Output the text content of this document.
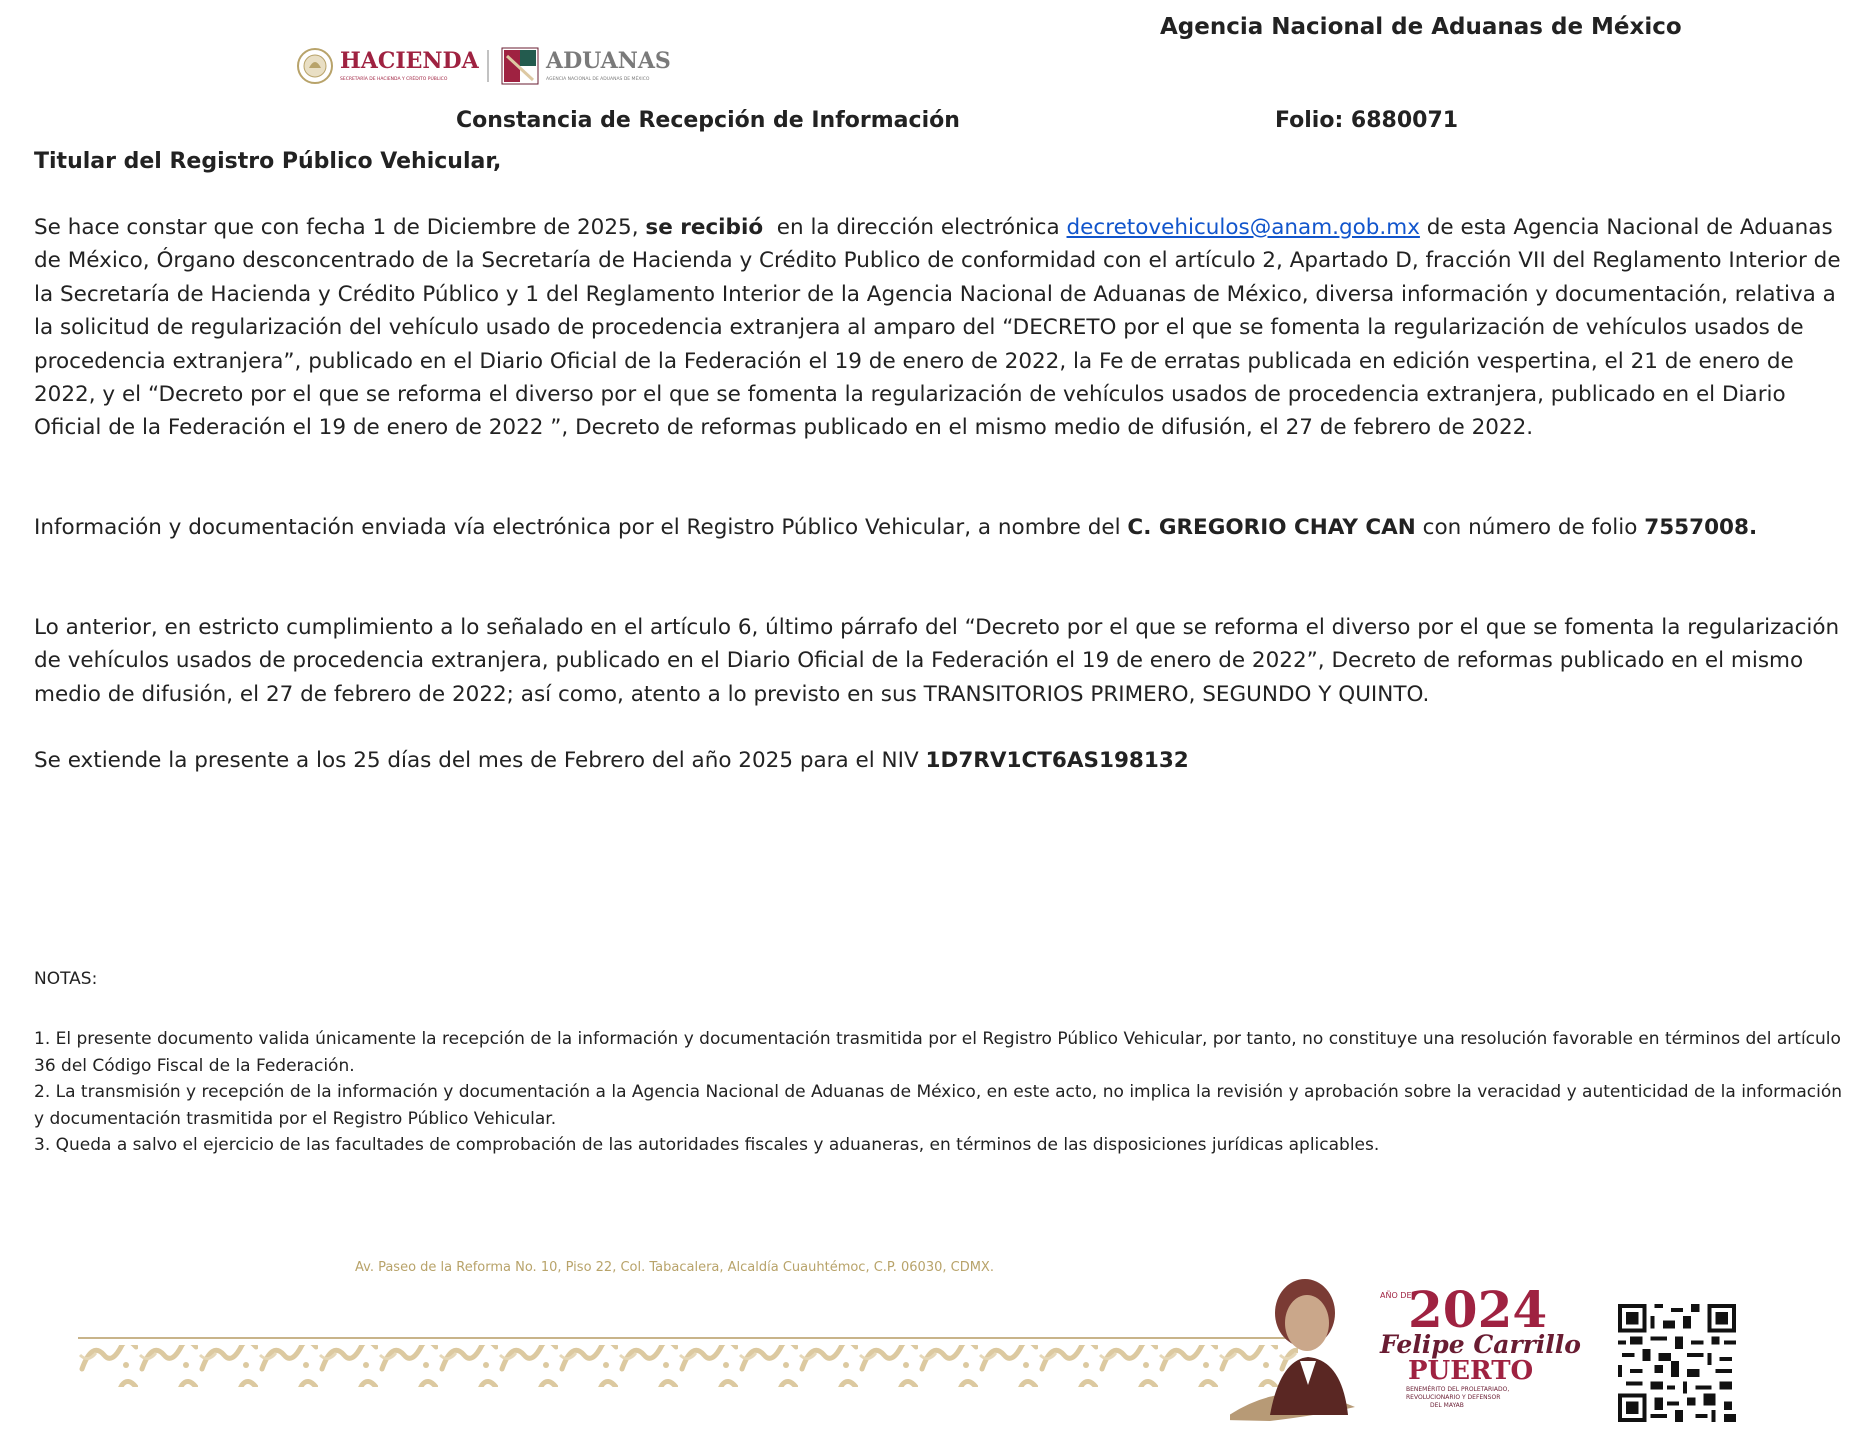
Agencia Nacional de Aduanas de México
HACIENDA
SECRETARÍA DE HACIENDA Y CRÉDITO PÚBLICO
ADUANAS
AGENCIA NACIONAL DE ADUANAS DE MÉXICO
Constancia de Recepción de Información	Folio: 6880071
Titular del Registro Público Vehicular,

Se hace constar que con fecha 1 de Diciembre de 2025, se recibió  en la dirección electrónica decretovehiculos@anam.gob.mx de esta Agencia Nacional de Aduanas de México, Órgano desconcentrado de la Secretaría de Hacienda y Crédito Publico de conformidad con el artículo 2, Apartado D, fracción VII del Reglamento Interior de la Secretaría de Hacienda y Crédito Público y 1 del Reglamento Interior de la Agencia Nacional de Aduanas de México, diversa información y documentación, relativa a la solicitud de regularización del vehículo usado de procedencia extranjera al amparo del “DECRETO por el que se fomenta la regularización de vehículos usados de procedencia extranjera”, publicado en el Diario Oficial de la Federación el 19 de enero de 2022, la Fe de erratas publicada en edición vespertina, el 21 de enero de 2022, y el “Decreto por el que se reforma el diverso por el que se fomenta la regularización de vehículos usados de procedencia extranjera, publicado en el Diario Oficial de la Federación el 19 de enero de 2022 ”, Decreto de reformas publicado en el mismo medio de difusión, el 27 de febrero de 2022.

Información y documentación enviada vía electrónica por el Registro Público Vehicular, a nombre del C. GREGORIO CHAY CAN con número de folio 7557008.

Lo anterior, en estricto cumplimiento a lo señalado en el artículo 6, último párrafo del “Decreto por el que se reforma el diverso por el que se fomenta la regularización de vehículos usados de procedencia extranjera, publicado en el Diario Oficial de la Federación el 19 de enero de 2022”, Decreto de reformas publicado en el mismo medio de difusión, el 27 de febrero de 2022; así como, atento a lo previsto en sus TRANSITORIOS PRIMERO, SEGUNDO Y QUINTO.

Se extiende la presente a los 25 días del mes de Febrero del año 2025 para el NIV 1D7RV1CT6AS198132

NOTAS:
1. El presente documento valida únicamente la recepción de la información y documentación trasmitida por el Registro Público Vehicular, por tanto, no constituye una resolución favorable en términos del artículo 36 del Código Fiscal de la Federación.
2. La transmisión y recepción de la información y documentación a la Agencia Nacional de Aduanas de México, en este acto, no implica la revisión y aprobación sobre la veracidad y autenticidad de la información y documentación trasmitida por el Registro Público Vehicular.
3. Queda a salvo el ejercicio de las facultades de comprobación de las autoridades fiscales y aduaneras, en términos de las disposiciones jurídicas aplicables.
Av. Paseo de la Reforma No. 10, Piso 22, Col. Tabacalera, Alcaldía Cuauhtémoc, C.P. 06030, CDMX.
AÑO DE
2024
Felipe Carrillo
PUERTO
BENEMÉRITO DEL PROLETARIADO,
REVOLUCIONARIO Y DEFENSOR
DEL MAYAB
